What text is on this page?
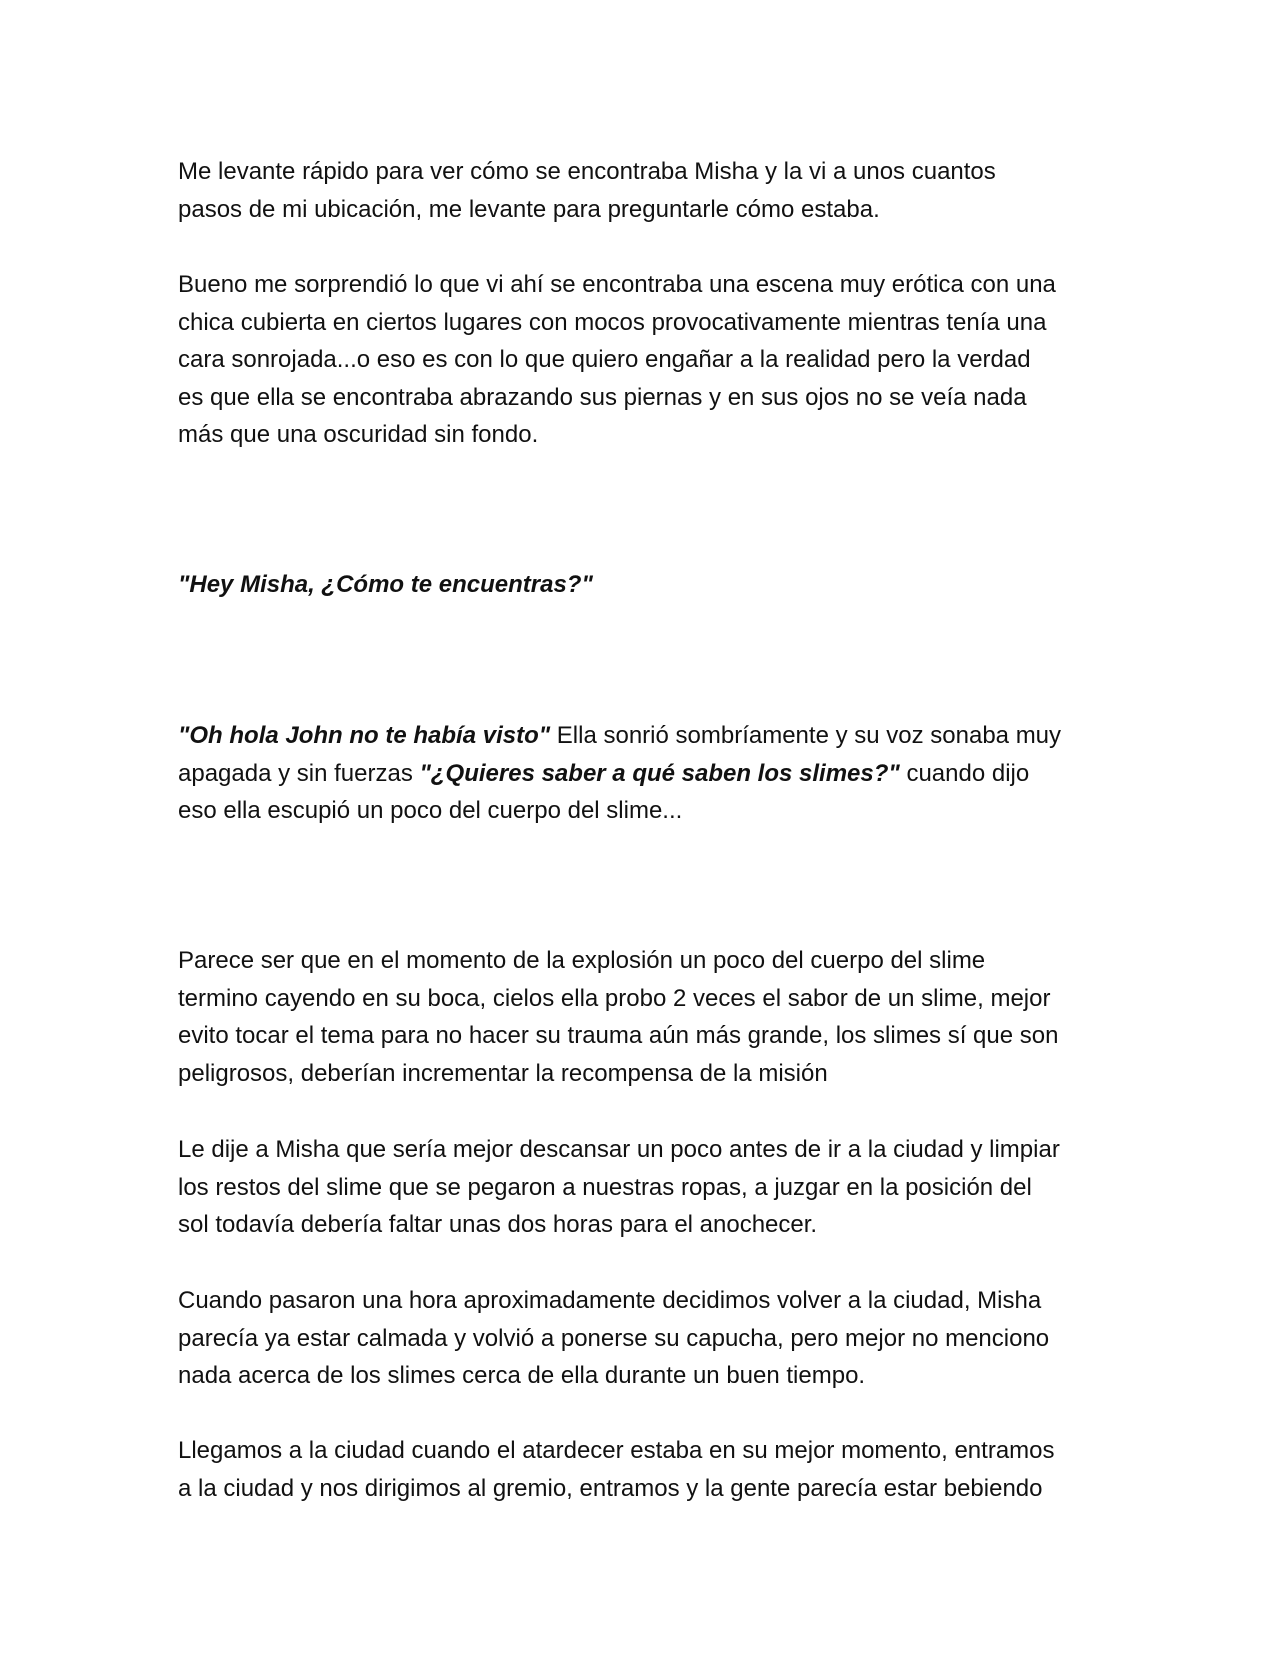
Me levante rápido para ver cómo se encontraba Misha y la vi a unos cuantos
pasos de mi ubicación, me levante para preguntarle cómo estaba.

Bueno me sorprendió lo que vi ahí se encontraba una escena muy erótica con una
chica cubierta en ciertos lugares con mocos provocativamente mientras tenía una
cara sonrojada...o eso es con lo que quiero engañar a la realidad pero la verdad
es que ella se encontraba abrazando sus piernas y en sus ojos no se veía nada
más que una oscuridad sin fondo.

"Hey Misha, ¿Cómo te encuentras?"

"Oh hola John no te había visto" Ella sonrió sombríamente y su voz sonaba muy
apagada y sin fuerzas "¿Quieres saber a qué saben los slimes?" cuando dijo
eso ella escupió un poco del cuerpo del slime...

Parece ser que en el momento de la explosión un poco del cuerpo del slime
termino cayendo en su boca, cielos ella probo 2 veces el sabor de un slime, mejor
evito tocar el tema para no hacer su trauma aún más grande, los slimes sí que son
peligrosos, deberían incrementar la recompensa de la misión

Le dije a Misha que sería mejor descansar un poco antes de ir a la ciudad y limpiar
los restos del slime que se pegaron a nuestras ropas, a juzgar en la posición del
sol todavía debería faltar unas dos horas para el anochecer.

Cuando pasaron una hora aproximadamente decidimos volver a la ciudad, Misha
parecía ya estar calmada y volvió a ponerse su capucha, pero mejor no menciono
nada acerca de los slimes cerca de ella durante un buen tiempo.

Llegamos a la ciudad cuando el atardecer estaba en su mejor momento, entramos
a la ciudad y nos dirigimos al gremio, entramos y la gente parecía estar bebiendo
